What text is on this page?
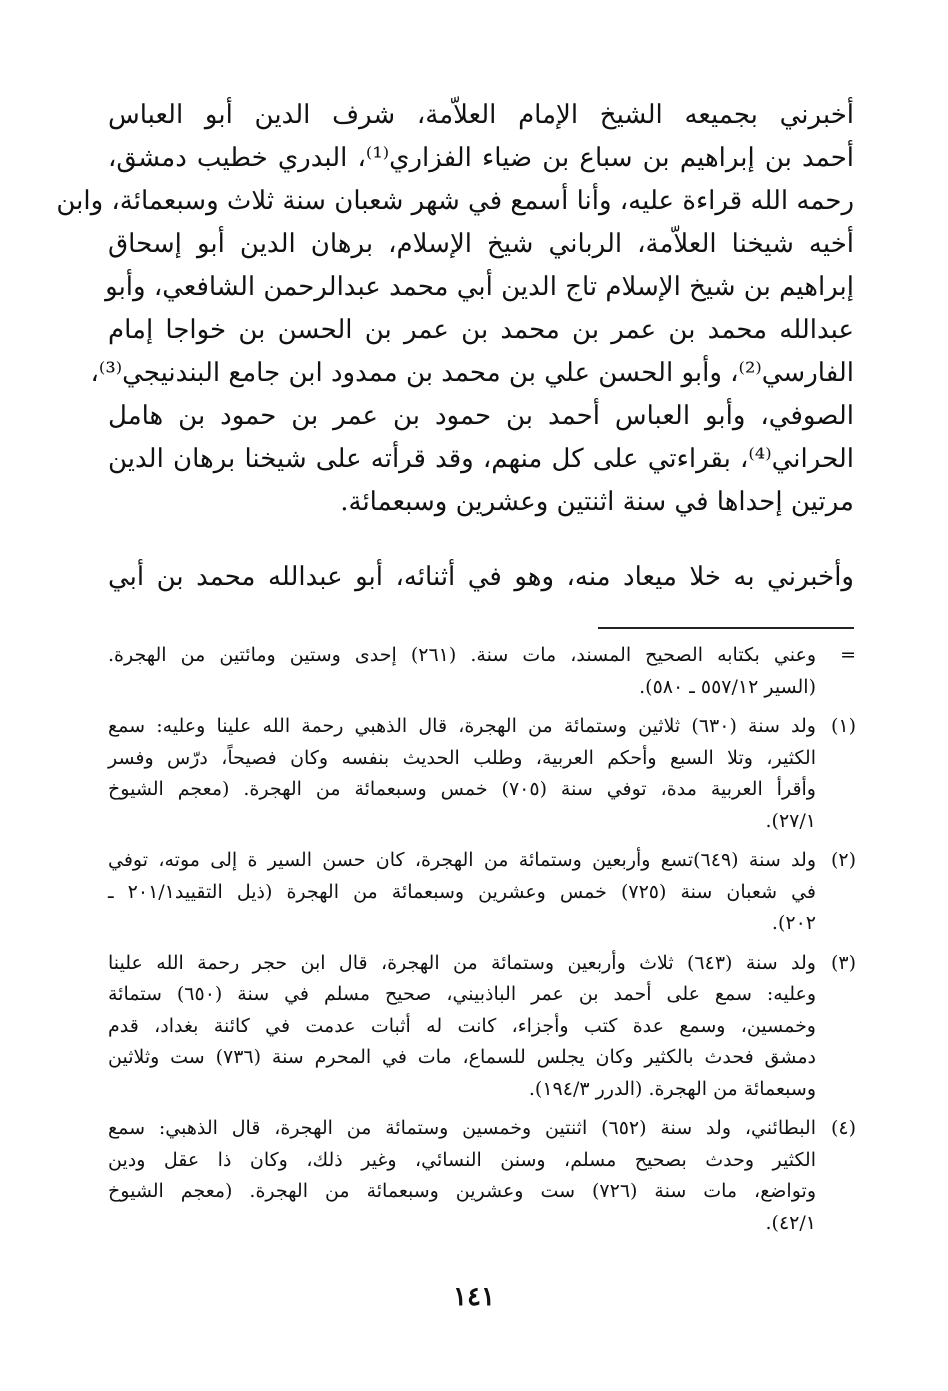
أخبرني بجميعه الشيخ الإمام العلاّمة، شرف الدين أبو العباس
أحمد بن إبراهيم بن سباع بن ضياء الفزاري⁽¹⁾، البدري خطيب دمشق،
رحمه الله قراءة عليه، وأنا أسمع في شهر شعبان سنة ثلاث وسبعمائة، وابن
أخيه شيخنا العلاّمة، الرباني شيخ الإسلام، برهان الدين أبو إسحاق
إبراهيم بن شيخ الإسلام تاج الدين أبي محمد عبدالرحمن الشافعي، وأبو
عبدالله محمد بن عمر بن محمد بن عمر بن الحسن بن خواجا إمام
الفارسي⁽²⁾، وأبو الحسن علي بن محمد بن ممدود ابن جامع البندنيجي⁽³⁾،
الصوفي، وأبو العباس أحمد بن حمود بن عمر بن حمود بن هامل
الحراني⁽⁴⁾، بقراءتي على كل منهم، وقد قرأته على شيخنا برهان الدين
مرتين إحداها في سنة اثنتين وعشرين وسبعمائة.
وأخبرني به خلا ميعاد منه، وهو في أثنائه، أبو عبدالله محمد بن أبي
=
وعني بكتابه الصحيح المسند، مات سنة. (٢٦١) إحدى وستين ومائتين من الهجرة.
(السير ٥٥٧/١٢ ـ ٥٨٠).
(١)
ولد سنة (٦٣٠) ثلاثين وستمائة من الهجرة، قال الذهبي رحمة الله علينا وعليه: سمع
الكثير، وتلا السبع وأحكم العربية، وطلب الحديث بنفسه وكان فصيحاً، درّس وفسر
وأقرأ العربية مدة، توفي سنة (٧٠٥) خمس وسبعمائة من الهجرة. (معجم الشيوخ
٢٧/١).
(٢)
ولد سنة (٦٤٩)تسع وأربعين وستمائة من الهجرة، كان حسن السير ة إلى موته، توفي
في شعبان سنة (٧٢٥) خمس وعشرين وسبعمائة من الهجرة (ذيل التقييد٢٠١/١ ـ
٢٠٢).
(٣)
ولد سنة (٦٤٣) ثلاث وأربعين وستمائة من الهجرة، قال ابن حجر رحمة الله علينا
وعليه: سمع على أحمد بن عمر الباذبيني، صحيح مسلم في سنة (٦٥٠) ستمائة
وخمسين، وسمع عدة كتب وأجزاء، كانت له أثبات عدمت في كائنة بغداد، قدم
دمشق فحدث بالكثير وكان يجلس للسماع، مات في المحرم سنة (٧٣٦) ست وثلاثين
وسبعمائة من الهجرة. (الدرر ١٩٤/٣).
(٤)
البطائني، ولد سنة (٦٥٢) اثنتين وخمسين وستمائة من الهجرة، قال الذهبي: سمع
الكثير وحدث بصحيح مسلم، وسنن النسائي، وغير ذلك، وكان ذا عقل ودين
وتواضع، مات سنة (٧٢٦) ست وعشرين وسبعمائة من الهجرة. (معجم الشيوخ
٤٢/١).
١٤١
